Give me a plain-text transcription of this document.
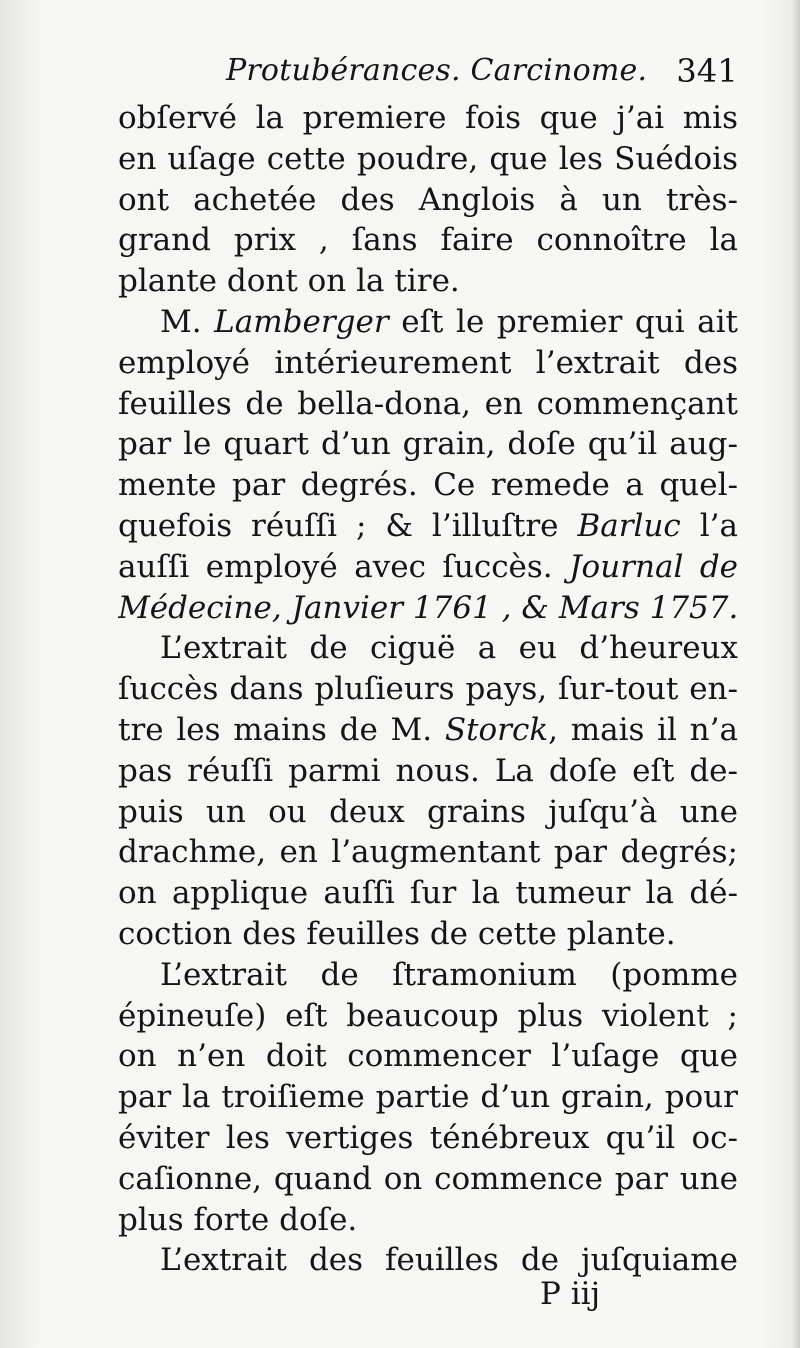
Protubérances. Carcinome. 341
obſervé la premiere fois que j’ai mis
en uſage cette poudre, que les Suédois
ont achetée des Anglois à un très-
grand prix , ſans faire connoître la
plante dont on la tire.
M. Lamberger eſt le premier qui ait
employé intérieurement l’extrait des
feuilles de bella-dona, en commençant
par le quart d’un grain, doſe qu’il aug-
mente par degrés. Ce remede a quel-
quefois réuſſi ; & l’illuſtre Barluc l’a
auſſi employé avec ſuccès. Journal de
Médecine, Janvier 1761 , & Mars 1757.
L’extrait de ciguë a eu d’heureux
ſuccès dans pluſieurs pays, ſur-tout en-
tre les mains de M. Storck, mais il n’a
pas réuſſi parmi nous. La doſe eſt de-
puis un ou deux grains juſqu’à une
drachme, en l’augmentant par degrés;
on applique auſſi ſur la tumeur la dé-
coction des feuilles de cette plante.
L’extrait de ſtramonium (pomme
épineuſe) eſt beaucoup plus violent ;
on n’en doit commencer l’uſage que
par la troiſieme partie d’un grain, pour
éviter les vertiges ténébreux qu’il oc-
caſionne, quand on commence par une
plus forte doſe.
L’extrait des feuilles de juſquiame
P iij
